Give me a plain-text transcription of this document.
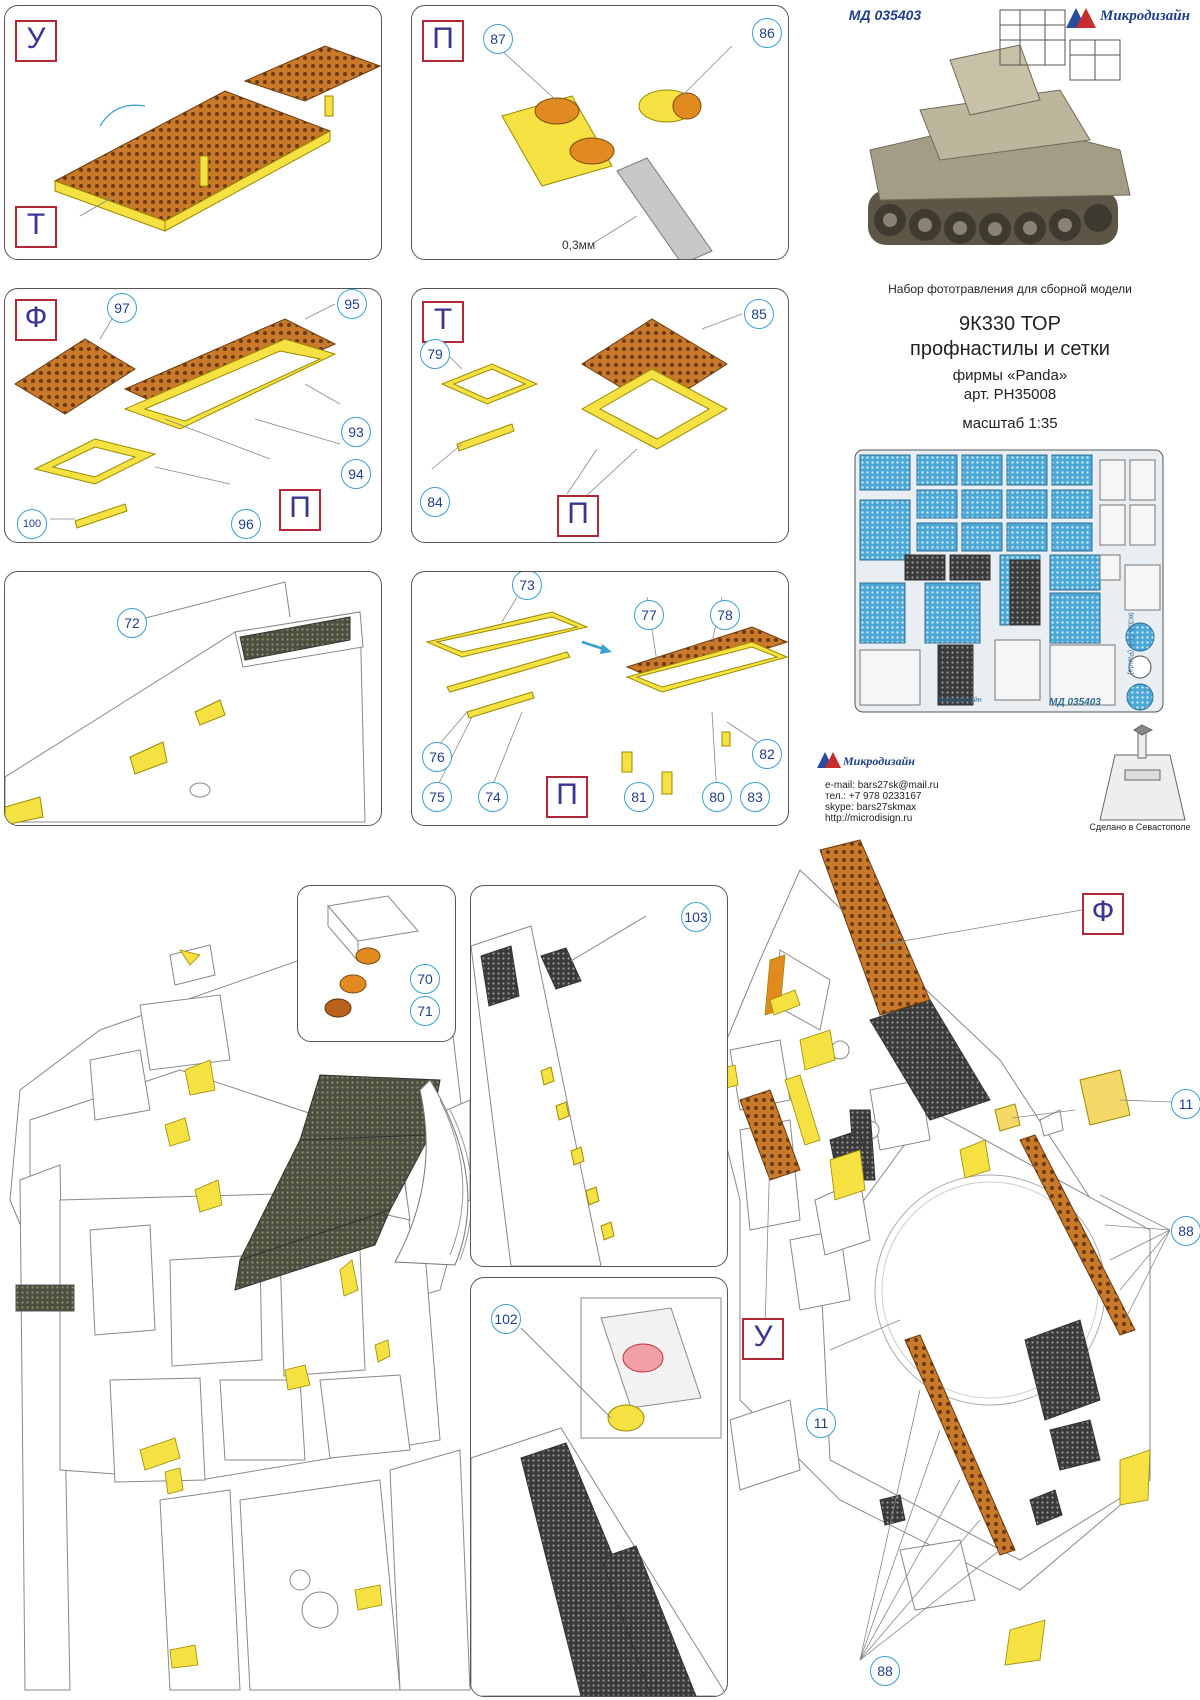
У
Т
П	87	86
0,3мм
Ф
П
97	95
93
94
96
100
Т
П
85
79
84
72
П
73
77	78
76
75	74	81	80	83
82
70
71
103
102
Ф
У
11
11
88
88
МД 035403	Микродизайн
Набор фототравления для сборной модели
9К330 ТОР
профнастилы и сетки
фирмы «Panda»
арт. PH35008
масштаб 1:35
МД 035403
Микродизайн
9К330 ТОР (Panda)
Микродизайн
e-mail: bars27sk@mail.ru
тел.: +7 978 0233167
skype: bars27skmax
http://microdisign.ru
Сделано в Севастополе
